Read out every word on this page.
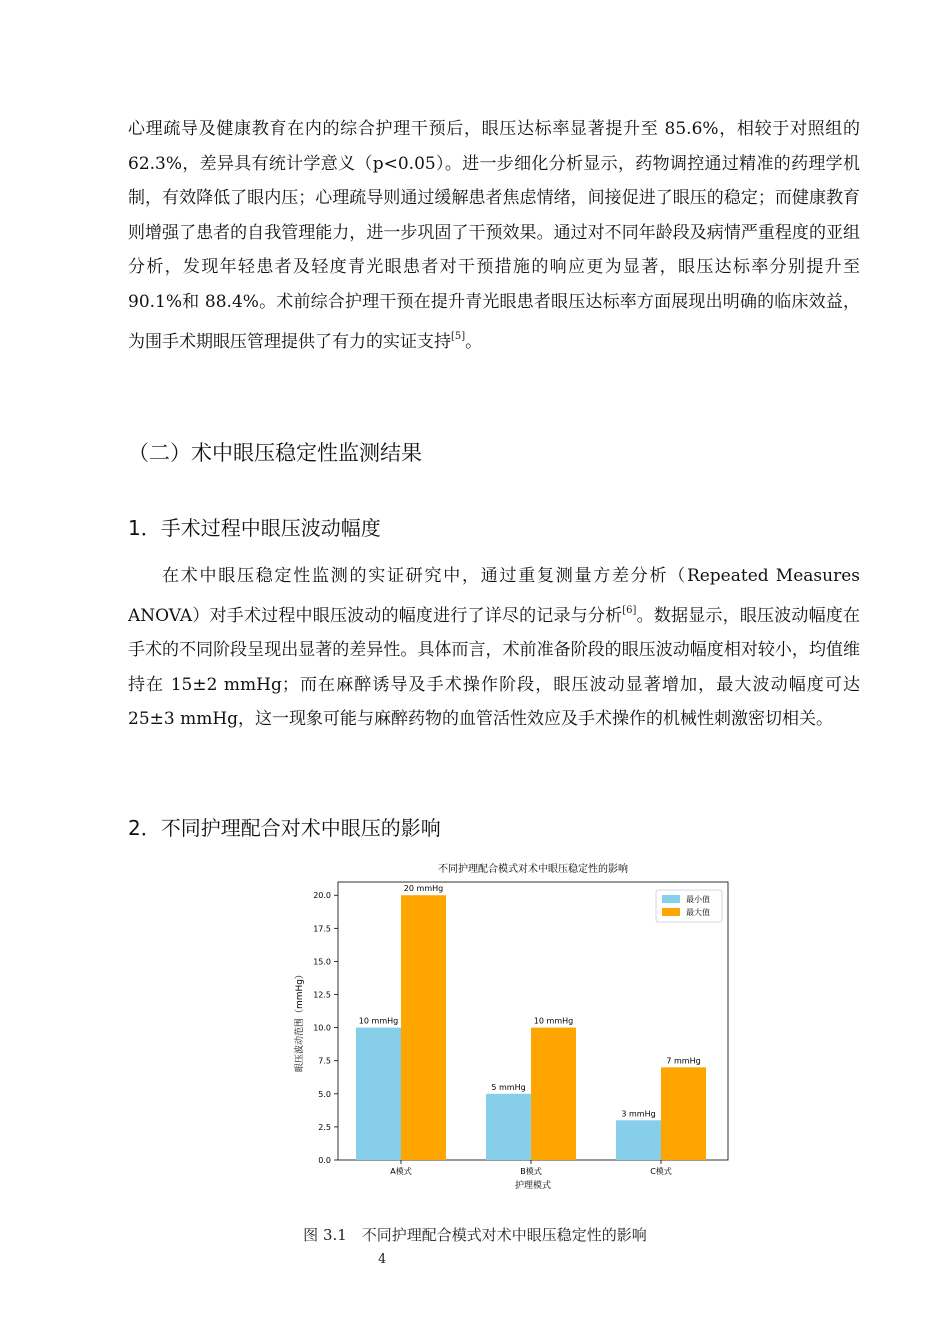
心理疏导及健康教育在内的综合护理干预后，眼压达标率显著提升至 85.6%，相较于对照组的 62.3%，差异具有统计学意义（p<0.05）。进一步细化分析显示，药物调控通过精准的药理学机制，有效降低了眼内压；心理疏导则通过缓解患者焦虑情绪，间接促进了眼压的稳定；而健康教育则增强了患者的自我管理能力，进一步巩固了干预效果。通过对不同年龄段及病情严重程度的亚组分析，发现年轻患者及轻度青光眼患者对干预措施的响应更为显著，眼压达标率分别提升至 90.1%和 88.4%。术前综合护理干预在提升青光眼患者眼压达标率方面展现出明确的临床效益，为围手术期眼压管理提供了有力的实证支持[5]。

（二）术中眼压稳定性监测结果
1．手术过程中眼压波动幅度

在术中眼压稳定性监测的实证研究中，通过重复测量方差分析（Repeated Measures ANOVA）对手术过程中眼压波动的幅度进行了详尽的记录与分析[6]。数据显示，眼压波动幅度在手术的不同阶段呈现出显著的差异性。具体而言，术前准备阶段的眼压波动幅度相对较小，均值维持在 15±2 mmHg；而在麻醉诱导及手术操作阶段，眼压波动显著增加，最大波动幅度可达 25±3 mmHg，这一现象可能与麻醉药物的血管活性效应及手术操作的机械性刺激密切相关。

2．不同护理配合对术中眼压的影响
不同护理配合模式对术中眼压稳定性的影响
0.0
2.5
5.0
7.5
10.0
12.5
15.0
17.5
20.0
10 mmHg
20 mmHg
A模式
5 mmHg
10 mmHg
B模式
3 mmHg
7 mmHg
C模式
护理模式
眼压波动范围（mmHg）
最小值
最大值
图 3.1　不同护理配合模式对术中眼压稳定性的影响
4
